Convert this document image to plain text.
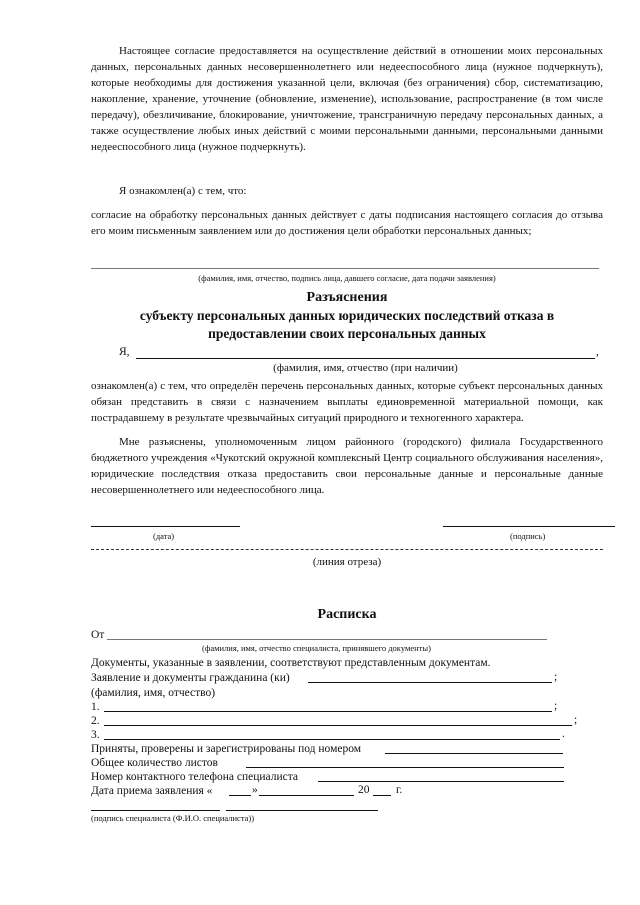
Настоящее согласие предоставляется на осуществление действий в отношении моих персональных данных, персональных данных несовершеннолетнего или недееспособного лица (нужное подчеркнуть), которые необходимы для достижения указанной цели, включая (без ограничения) сбор, систематизацию, накопление, хранение, уточнение (обновление, изменение), использование, распространение (в том числе передачу), обезличивание, блокирование, уничтожение, трансграничную передачу персональных данных, а также осуществление любых иных действий с моими персональными данными, персональными данными недееспособного лица (нужное подчеркнуть).

Я ознакомлен(а) с тем, что:

согласие на обработку персональных данных действует с даты подписания настоящего согласия до отзыва его моим письменным заявлением или до достижения цели обработки персональных данных;

(фамилия, имя, отчество, подпись лица, давшего согласие, дата подачи заявления)
Разъяснения
субъекту персональных данных юридических последствий отказа в
предоставлении своих персональных данных
Я,	,
(фамилия, имя, отчество (при наличии)

ознакомлен(а) с тем, что определён перечень персональных данных, которые субъект персональных данных обязан представить в связи с назначением выплаты единовременной материальной помощи, как пострадавшему в результате чрезвычайных ситуаций природного и техногенного характера.

Мне разъяснены, уполномоченным лицом районного (городского) филиала Государственного бюджетного учреждения «Чукотский окружной комплексный Центр социального обслуживания населения», юридические последствия отказа предоставить свои персональные данные и персональные данные несовершеннолетнего или недееспособного лица.

(дата)	(подпись)
(линия отреза)
Расписка
От
(фамилия, имя, отчество специалиста, принявшего документы)
Документы, указанные в заявлении, соответствуют представленным документам.
Заявление и документы гражданина (ки)	;
(фамилия, имя, отчество)
1.	;
2.	;
3.	.
Приняты, проверены и зарегистрированы под номером
Общее количество листов
Номер контактного телефона специалиста
Дата приема заявления «	»	20 г.
(подпись специалиста (Ф.И.О. специалиста))
